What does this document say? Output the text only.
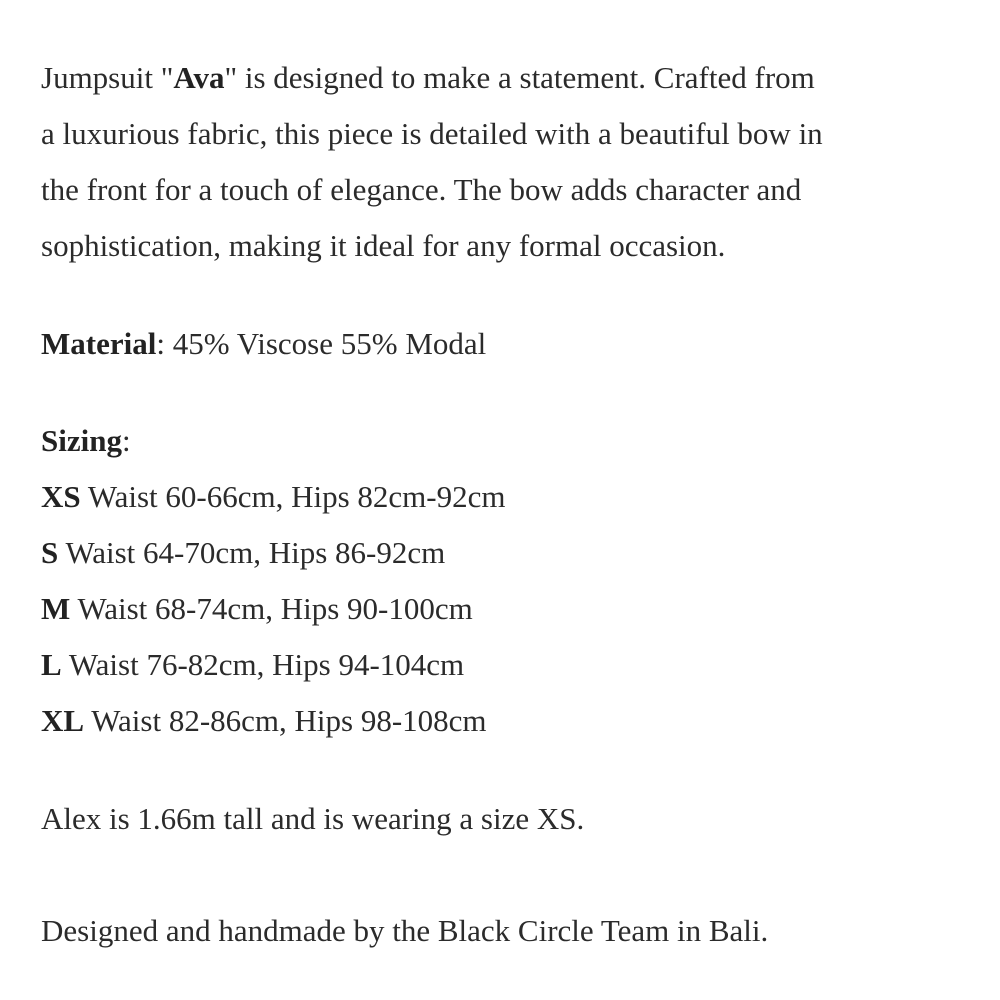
Jumpsuit "Ava" is designed to make a statement. Crafted from
a luxurious fabric, this piece is detailed with a beautiful bow in
the front for a touch of elegance. The bow adds character and
sophistication, making it ideal for any formal occasion.

Material: 45% Viscose 55% Modal

Sizing:
XS Waist 60-66cm, Hips 82cm-92cm
S Waist 64-70cm, Hips 86-92cm
M Waist 68-74cm, Hips 90-100cm
L Waist 76-82cm, Hips 94-104cm
XL Waist 82-86cm, Hips 98-108cm

Alex is 1.66m tall and is wearing a size XS.

Designed and handmade by the Black Circle Team in Bali.
